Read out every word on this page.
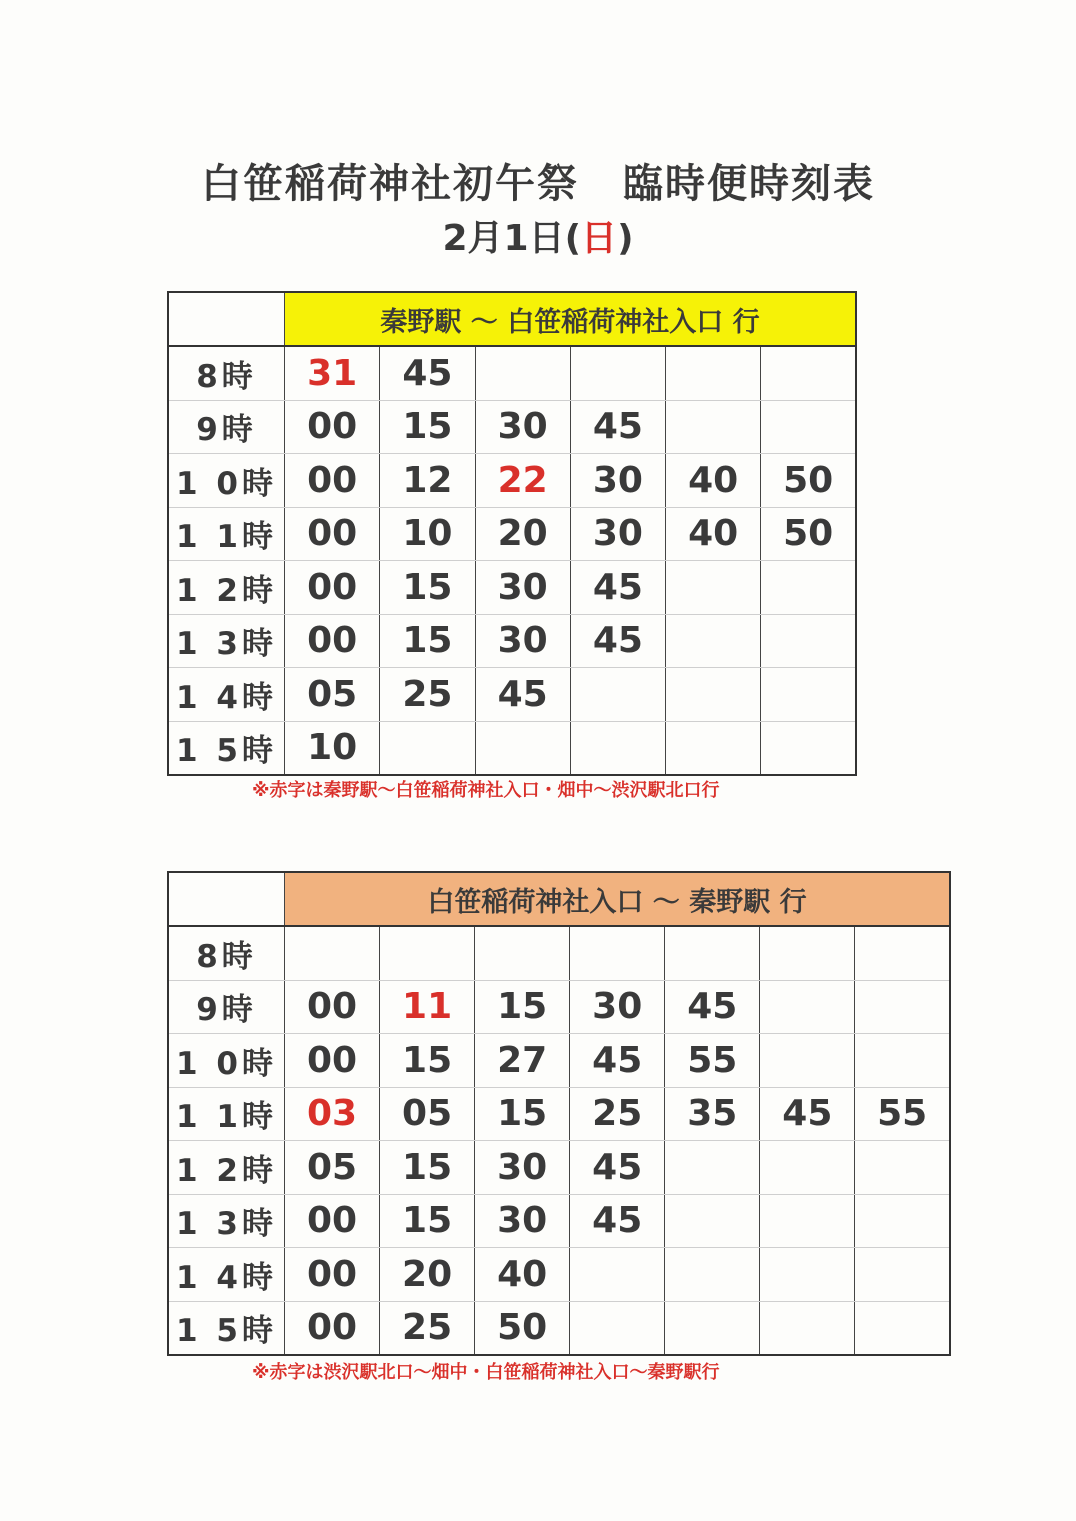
白笹稲荷神社初午祭 臨時便時刻表
2月1日(日)
	秦野駅 〜 白笹稲荷神社入口 行					
8時	31	45				
9時	00	15	30	45		
1 0時	00	12	22	30	40	50
1 1時	00	10	20	30	40	50
1 2時	00	15	30	45		
1 3時	00	15	30	45		
1 4時	05	25	45			
1 5時	10					
※赤字は秦野駅〜白笹稲荷神社入口・畑中〜渋沢駅北口行
	白笹稲荷神社入口 〜 秦野駅 行						
8時							
9時	00	11	15	30	45		
1 0時	00	15	27	45	55		
1 1時	03	05	15	25	35	45	55
1 2時	05	15	30	45			
1 3時	00	15	30	45			
1 4時	00	20	40				
1 5時	00	25	50				
※赤字は渋沢駅北口〜畑中・白笹稲荷神社入口〜秦野駅行
